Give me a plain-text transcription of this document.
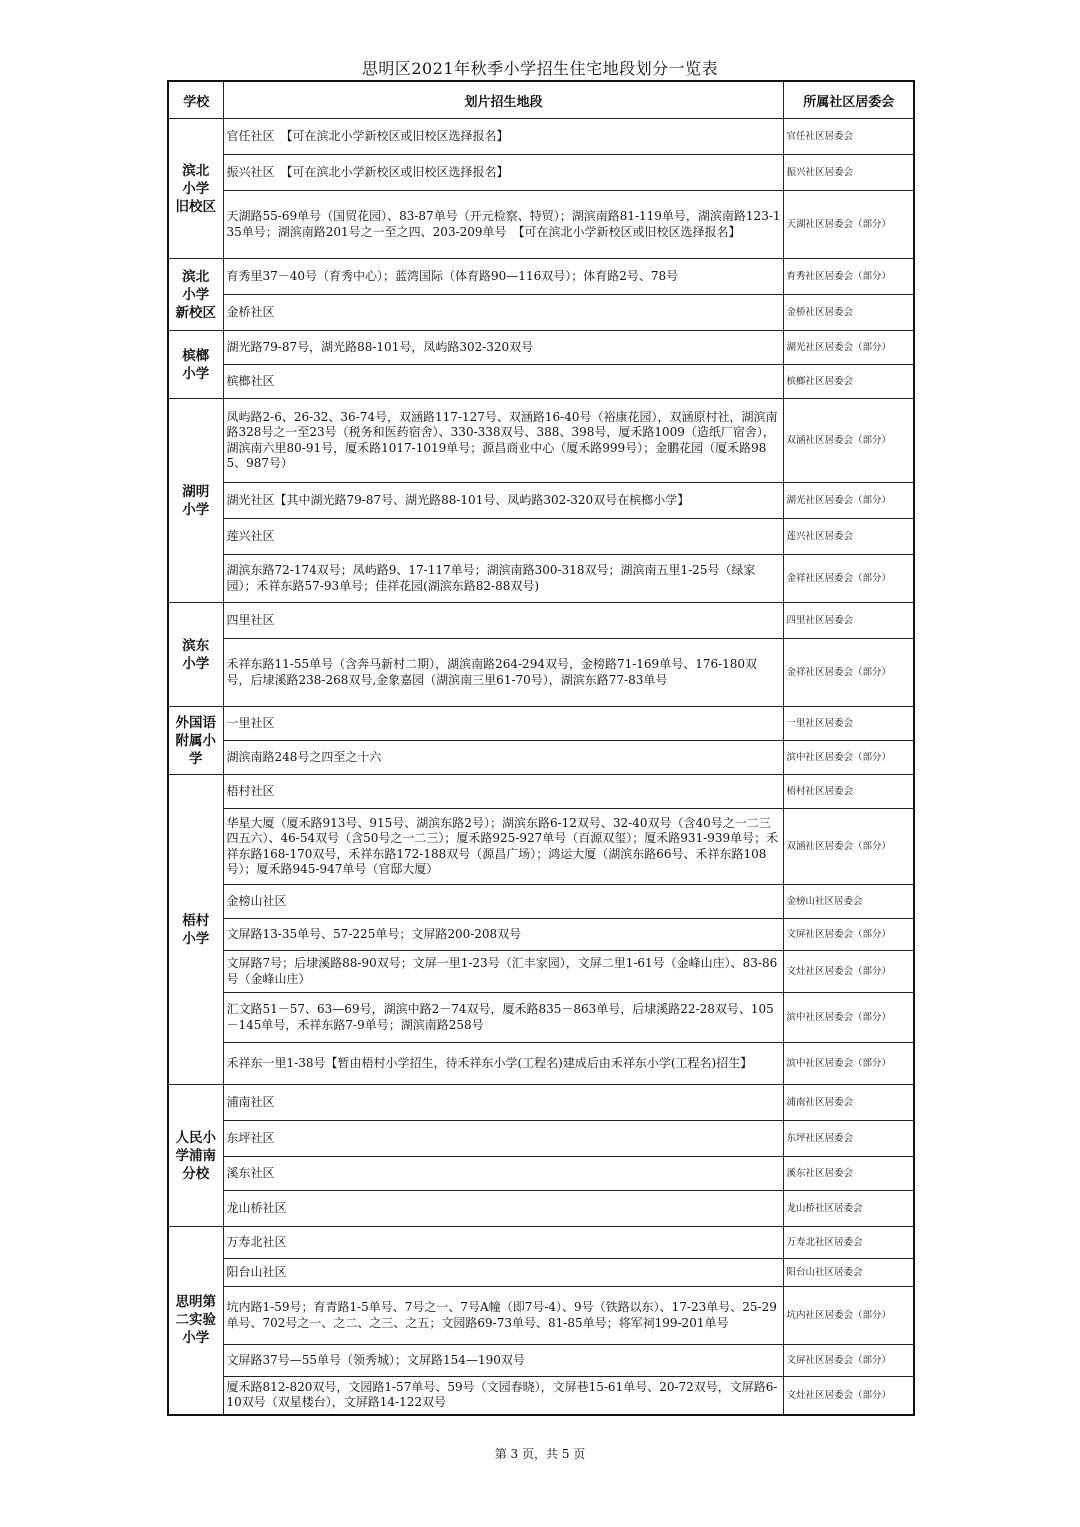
思明区2021年秋季小学招生住宅地段划分一览表
学校	划片招生地段	所属社区居委会
滨北
小学
旧校区	官任社区　【可在滨北小学新校区或旧校区选择报名】	官任社区居委会
	振兴社区　【可在滨北小学新校区或旧校区选择报名】	振兴社区居委会
	天湖路55-69单号（国贸花园）、83-87单号（开元检察、特贸）；湖滨南路81-119单号，湖滨南路123-135单号；湖滨南路201号之一至之四、203-209单号　【可在滨北小学新校区或旧校区选择报名】	天湖社区居委会（部分）
滨北
小学
新校区	育秀里37－40号（育秀中心）；蓝湾国际（体育路90—116双号）；体育路2号、78号	育秀社区居委会（部分）
	金桥社区	金桥社区居委会
槟榔
小学	湖光路79-87号，湖光路88-101号，凤屿路302-320双号	湖光社区居委会（部分）
	槟榔社区	槟榔社区居委会
湖明
小学	凤屿路2-6、26-32、36-74号，双涵路117-127号、双涵路16-40号（裕康花园），双涵原村社，湖滨南路328号之一至23号（税务和医药宿舍）、330-338双号、388、398号，厦禾路1009（造纸厂宿舍），湖滨南六里80-91号，厦禾路1017-1019单号；源昌商业中心（厦禾路999号）；金鹏花园（厦禾路985、987号）	双涵社区居委会（部分）
	湖光社区【其中湖光路79-87号、湖光路88-101号、凤屿路302-320双号在槟榔小学】	湖光社区居委会（部分）
	莲兴社区	莲兴社区居委会
	湖滨东路72-174双号；凤屿路9、17-117单号；湖滨南路300-318双号；湖滨南五里1-25号（绿家园）；禾祥东路57-93单号；佳祥花园(湖滨东路82-88双号)	金祥社区居委会（部分）
滨东
小学	四里社区	四里社区居委会
	禾祥东路11-55单号（含奔马新村二期），湖滨南路264-294双号，金榜路71-169单号、176-180双号，后埭溪路238-268双号,金象嘉园（湖滨南三里61-70号），湖滨东路77-83单号	金祥社区居委会（部分）
外国语
附属小
学	一里社区	一里社区居委会
	湖滨南路248号之四至之十六	滨中社区居委会（部分）
梧村
小学	梧村社区	梧村社区居委会
	华星大厦（厦禾路913号、915号、湖滨东路2号）；湖滨东路6-12双号、32-40双号（含40号之一二三四五六）、46-54双号（含50号之一二三）；厦禾路925-927单号（百源双玺）；厦禾路931-939单号；禾祥东路168-170双号，禾祥东路172-188双号（源昌广场）；鸿运大厦（湖滨东路66号、禾祥东路108号）；厦禾路945-947单号（官邸大厦）	双涵社区居委会（部分）
	金榜山社区	金榜山社区居委会
	文屏路13-35单号、57-225单号；文屏路200-208双号	文屏社区居委会（部分）
	文屏路7号；后埭溪路88-90双号；文屏一里1-23号（汇丰家园），文屏二里1-61号（金峰山庄）、83-86号（金峰山庄）	文灶社区居委会（部分）
	汇文路51－57、63—69号，湖滨中路2－74双号，厦禾路835－863单号，后埭溪路22-28双号、105－145单号，禾祥东路7-9单号；湖滨南路258号	滨中社区居委会（部分）
	禾祥东一里1-38号【暂由梧村小学招生，待禾祥东小学(工程名)建成后由禾祥东小学(工程名)招生】	滨中社区居委会（部分）
人民小
学浦南
分校	浦南社区	浦南社区居委会
	东坪社区	东坪社区居委会
	溪东社区	溪东社区居委会
	龙山桥社区	龙山桥社区居委会
思明第
二实验
小学	万寿北社区	万寿北社区居委会
	阳台山社区	阳台山社区居委会
	坑内路1-59号；育青路1-5单号、7号之一、7号A幢（即7号-4）、9号（铁路以东）、17-23单号、25-29单号、702号之一、之二、之三、之五；文园路69-73单号、81-85单号；将军祠199-201单号	坑内社区居委会（部分）
	文屏路37号—55单号（领秀城）；文屏路154—190双号	文屏社区居委会（部分）
	厦禾路812-820双号，文园路1-57单号、59号（文园春晓），文屏巷15-61单号、20-72双号，文屏路6-10双号（双星楼台），文屏路14-122双号	文灶社区居委会（部分）
第 3 页，共 5 页
